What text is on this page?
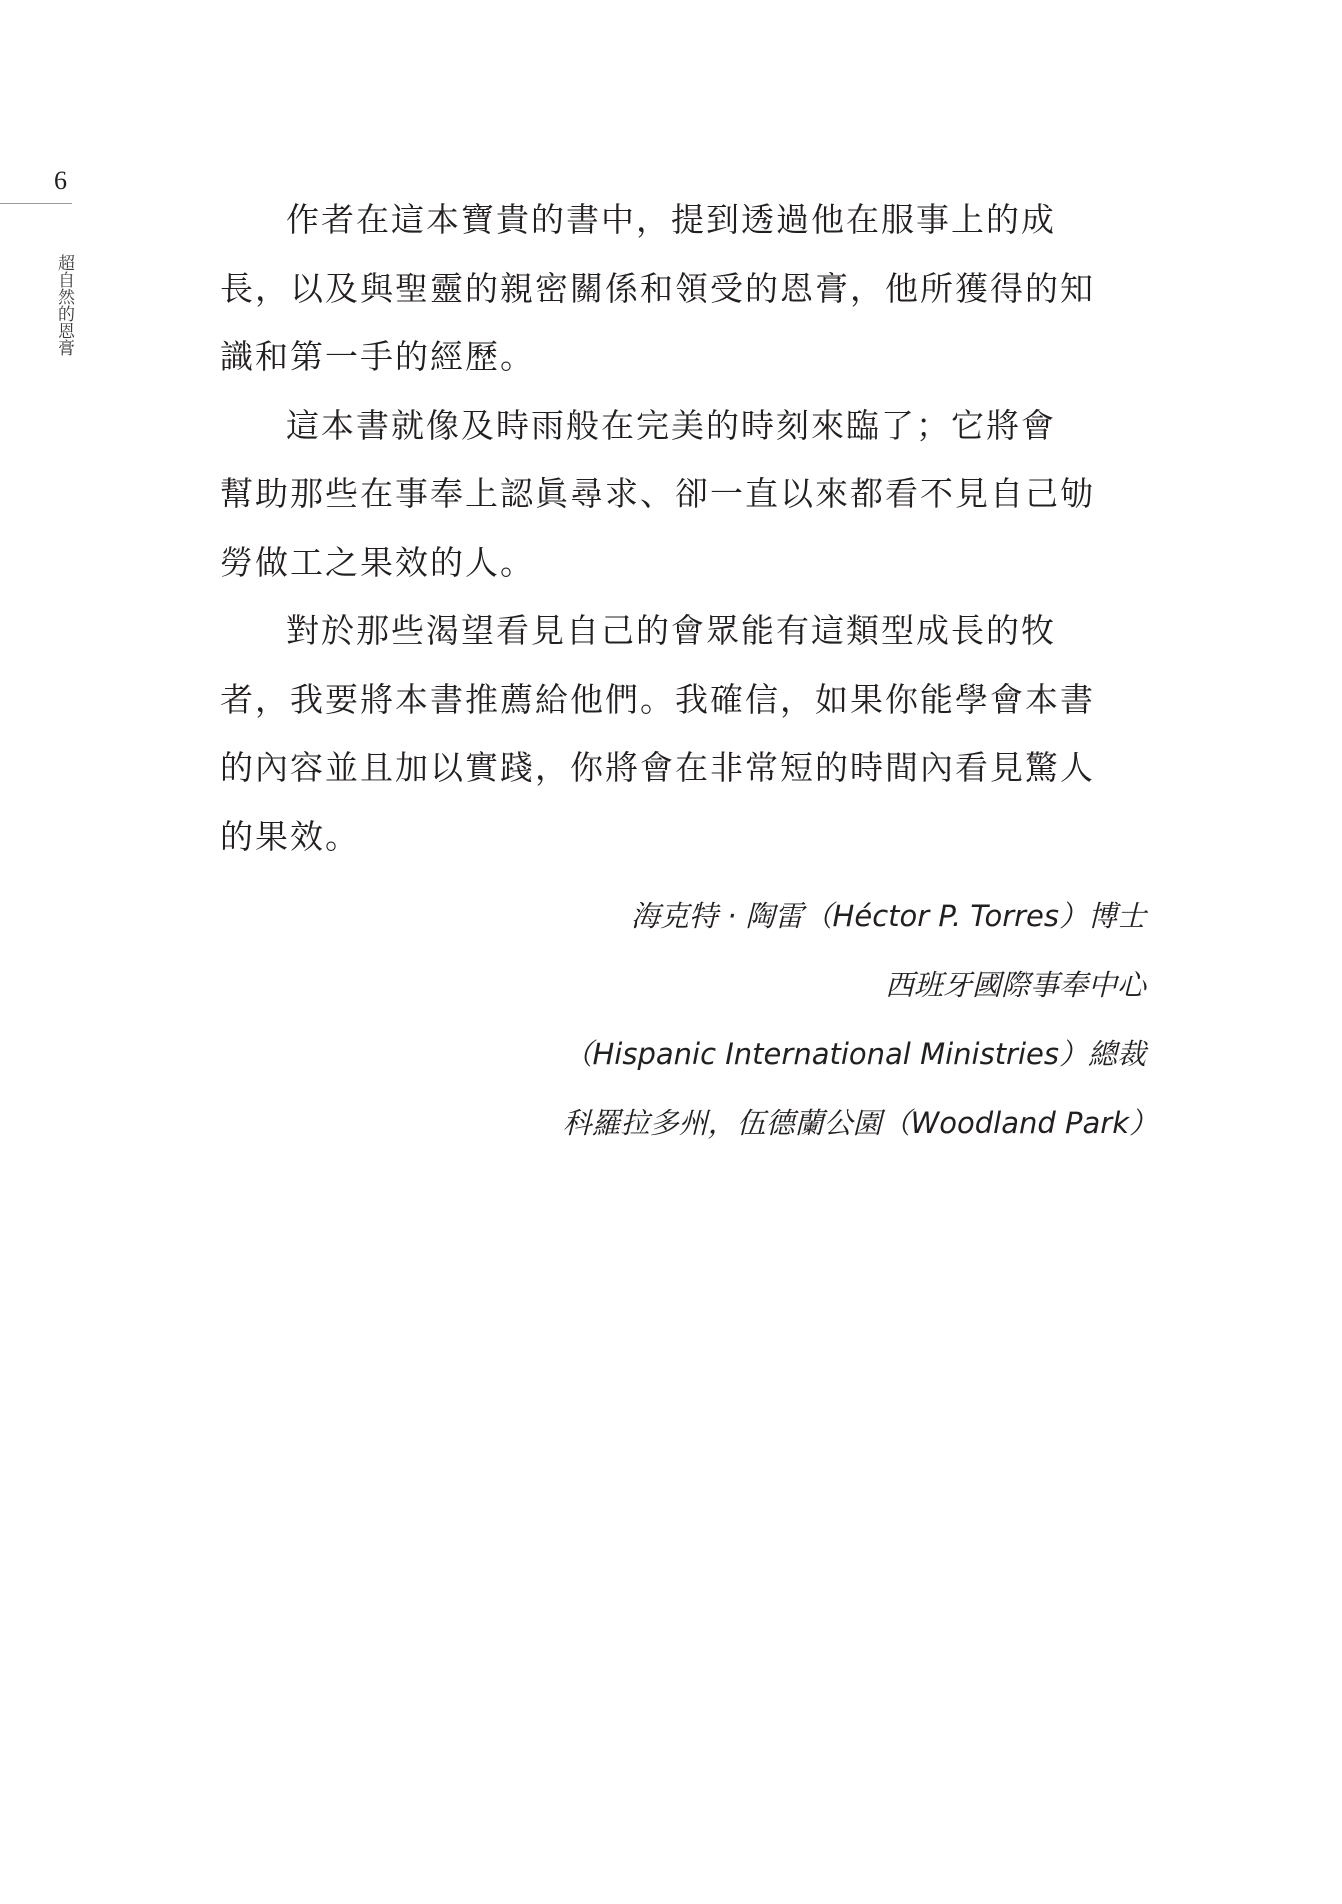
6
超自然的恩膏

作者在這本寶貴的書中，提到透過他在服事上的成
長，以及與聖靈的親密關係和領受的恩膏，他所獲得的知
識和第一手的經歷。

這本書就像及時雨般在完美的時刻來臨了；它將會
幫助那些在事奉上認眞尋求、卻一直以來都看不見自己劬
勞做工之果效的人。

對於那些渴望看見自己的會眾能有這類型成長的牧
者，我要將本書推薦給他們。我確信，如果你能學會本書
的內容並且加以實踐，你將會在非常短的時間內看見驚人
的果效。

海克特 · 陶雷（Héctor P. Torres）博士
西班牙國際事奉中心
（Hispanic International Ministries）總裁
科羅拉多州，伍德蘭公園（Woodland Park）
